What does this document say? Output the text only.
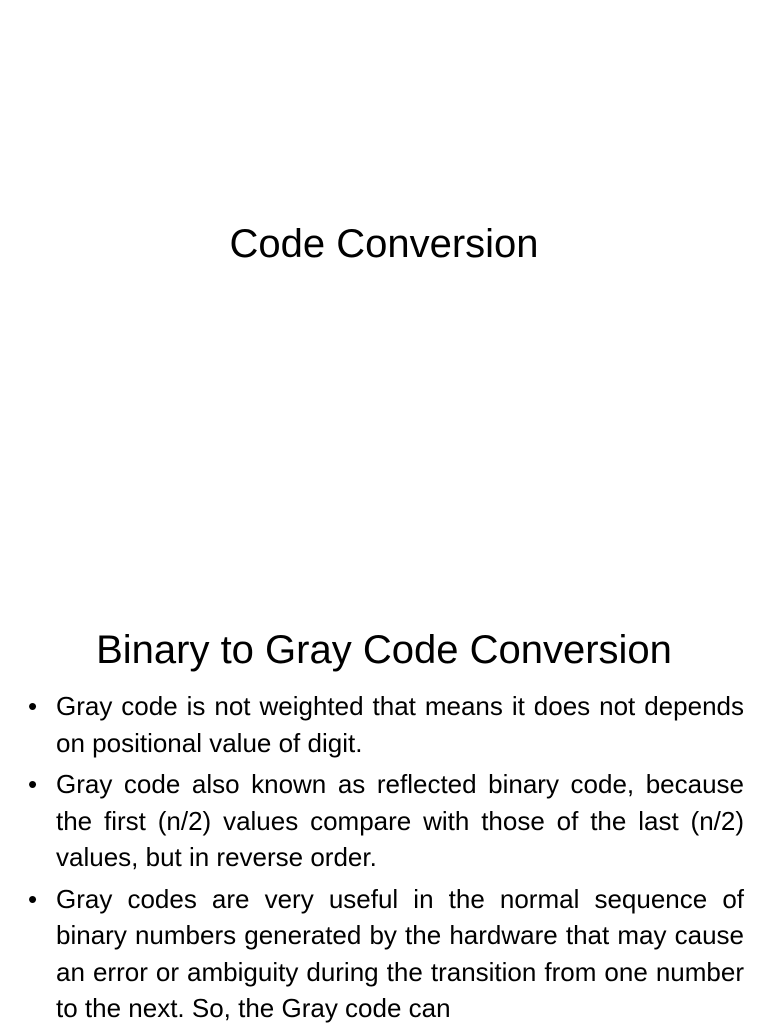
Code Conversion
Binary to Gray Code Conversion
• Gray code is not weighted that means it does not depends on positional value of digit.
• Gray code also known as reflected binary code, because the first (n/2) values compare with those of the last (n/2) values, but in reverse order.
• Gray codes are very useful in the normal sequence of binary numbers generated by the hardware that may cause an error or ambiguity during the transition from one number to the next. So, the Gray code can
